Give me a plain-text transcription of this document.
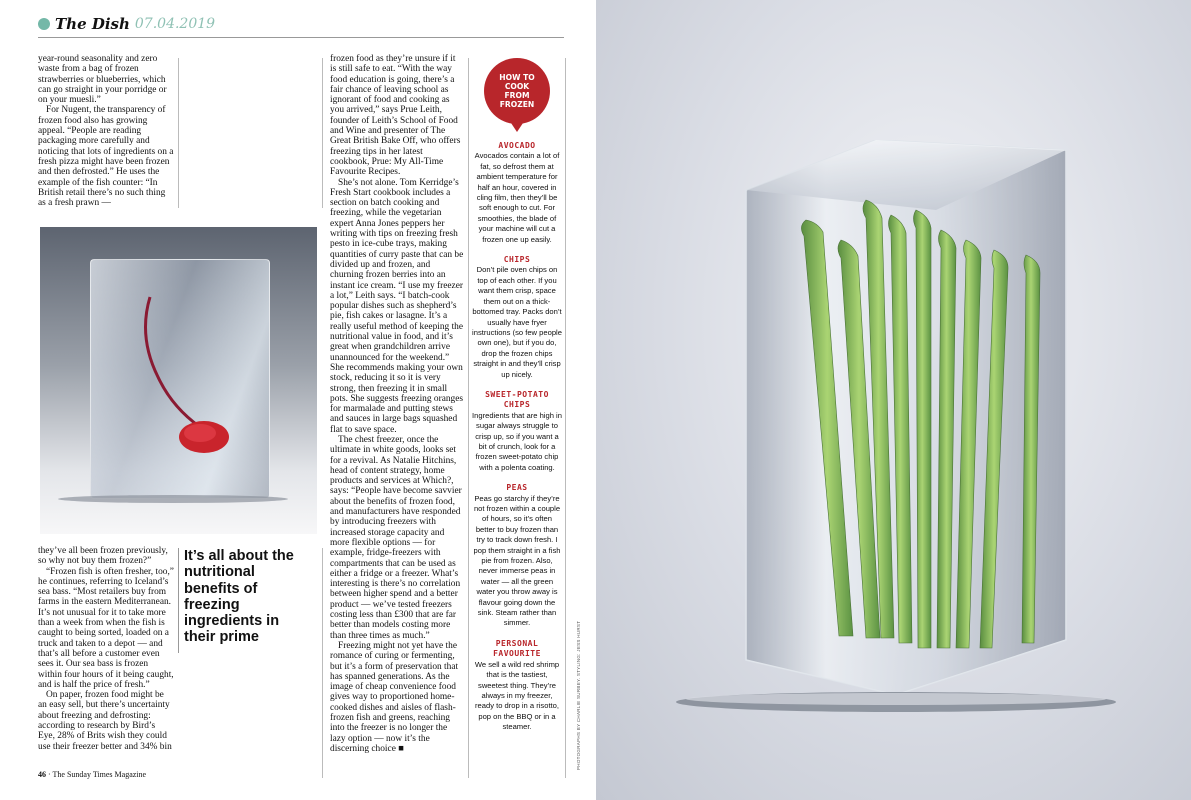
The Dish 07.04.2019

year-round seasonality and zero waste from a bag of frozen strawberries or blueberries, which can go straight in your porridge or on your muesli.”

For Nugent, the transparency of frozen food also has growing appeal. “People are reading packaging more carefully and noticing that lots of ingredients on a fresh pizza might have been frozen and then defrosted.” He uses the example of the fish counter: “In British retail there’s no such thing as a fresh prawn —

they’ve all been frozen previously, so why not buy them frozen?”

“Frozen fish is often fresher, too,” he continues, referring to Iceland’s sea bass. “Most retailers buy from farms in the eastern Mediterranean. It’s not unusual for it to take more than a week from when the fish is caught to being sorted, loaded on a truck and taken to a depot — and that’s all before a customer even sees it. Our sea bass is frozen within four hours of it being caught, and is half the price of fresh.”

On paper, frozen food might be an easy sell, but there’s uncertainty about freezing and defrosting: according to research by Bird’s Eye, 28% of Brits wish they could use their freezer better and 34% bin

It’s all about the nutritional benefits of freezing ingredients in their prime

frozen food as they’re unsure if it is still safe to eat. “With the way food education is going, there’s a fair chance of leaving school as ignorant of food and cooking as you arrived,” says Prue Leith, founder of Leith’s School of Food and Wine and presenter of The Great British Bake Off, who offers freezing tips in her latest cookbook, Prue: My All-Time Favourite Recipes.

She’s not alone. Tom Kerridge’s Fresh Start cookbook includes a section on batch cooking and freezing, while the vegetarian expert Anna Jones peppers her writing with tips on freezing fresh pesto in ice-cube trays, making quantities of curry paste that can be divided up and frozen, and churning frozen berries into an instant ice cream. “I use my freezer a lot,” Leith says. “I batch-cook popular dishes such as shepherd’s pie, fish cakes or lasagne. It’s a really useful method of keeping the nutritional value in food, and it’s great when grandchildren arrive unannounced for the weekend.” She recommends making your own stock, reducing it so it is very strong, then freezing it in small pots. She suggests freezing oranges for marmalade and putting stews and sauces in large bags squashed flat to save space.

The chest freezer, once the ultimate in white goods, looks set for a revival. As Natalie Hitchins, head of content strategy, home products and services at Which?, says: “People have become savvier about the benefits of frozen food, and manufacturers have responded by introducing freezers with increased storage capacity and more flexible options — for example, fridge-freezers with compartments that can be used as either a fridge or a freezer. What’s interesting is there’s no correlation between higher spend and a better product — we’ve tested freezers costing less than £300 that are far better than models costing more than three times as much.”

Freezing might not yet have the romance of curing or fermenting, but it’s a form of preservation that has spanned generations. As the image of cheap convenience food gives way to proportioned home-cooked dishes and aisles of flash-frozen fish and greens, reaching into the freezer is no longer the lazy option — now it’s the discerning choice ■

HOW TO COOK FROM FROZEN
AVOCADO
Avocados contain a lot of fat, so defrost them at ambient temperature for half an hour, covered in cling film, then they’ll be soft enough to cut. For smoothies, the blade of your machine will cut a frozen one up easily.
CHIPS
Don’t pile oven chips on top of each other. If you want them crisp, space them out on a thick-bottomed tray. Packs don’t usually have fryer instructions (so few people own one), but if you do, drop the frozen chips straight in and they’ll crisp up nicely.
SWEET-POTATO CHIPS
Ingredients that are high in sugar always struggle to crisp up, so if you want a bit of crunch, look for a frozen sweet-potato chip with a polenta coating.
PEAS
Peas go starchy if they’re not frozen within a couple of hours, so it’s often better to buy frozen than try to track down fresh. I pop them straight in a fish pie from frozen. Also, never immerse peas in water — all the green water you throw away is flavour going down the sink. Steam rather than simmer.
PERSONAL FAVOURITE
We sell a wild red shrimp that is the tastiest, sweetest thing. They’re always in my freezer, ready to drop in a risotto, pop on the BBQ or in a steamer.
46 · The Sunday Times Magazine
PHOTOGRAPHS BY CHARLIE SURBEY. STYLING: JESS HURST
